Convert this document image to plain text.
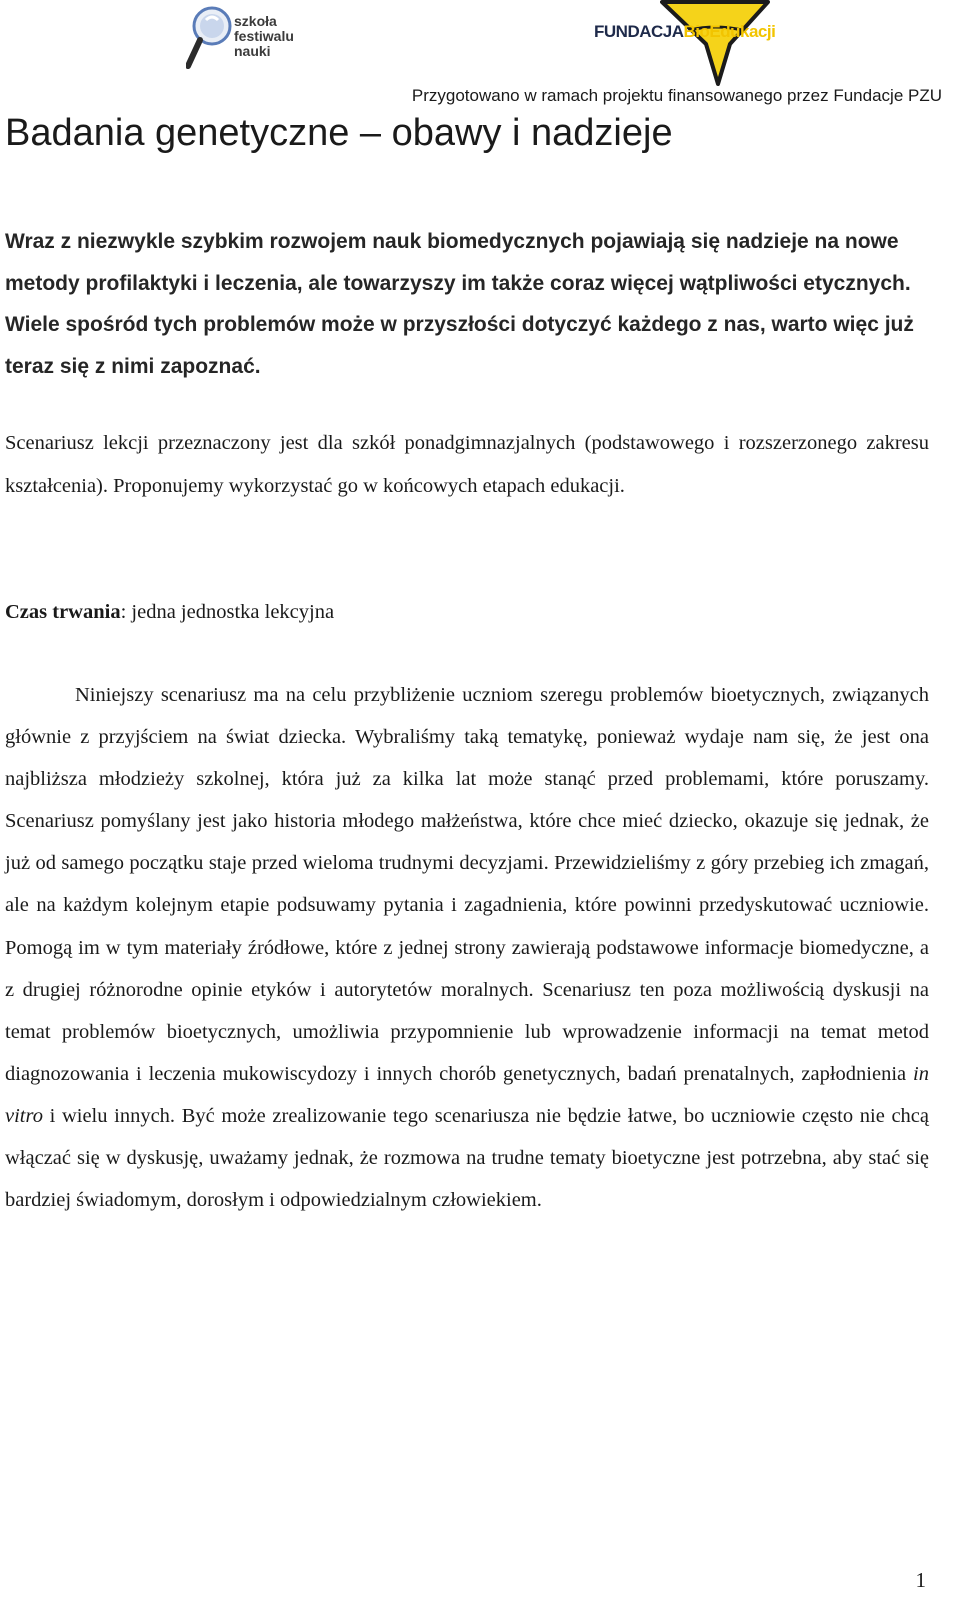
szkoła
festiwalu
nauki
FUNDACJABioEdukacji
Przygotowano w ramach projektu finansowanego przez Fundacje PZU
Badania genetyczne – obawy i nadzieje

Wraz z niezwykle szybkim rozwojem nauk biomedycznych pojawiają się nadzieje na nowe metody profilaktyki i leczenia, ale towarzyszy im także coraz więcej wątpliwości etycznych. Wiele spośród tych problemów może w przyszłości dotyczyć każdego z nas, warto więc już teraz się z nimi zapoznać.

Scenariusz lekcji przeznaczony jest dla szkół ponadgimnazjalnych (podstawowego i rozszerzonego zakresu kształcenia). Proponujemy wykorzystać go w końcowych etapach edukacji.

Czas trwania: jedna jednostka lekcyjna

Niniejszy scenariusz ma na celu przybliżenie uczniom szeregu problemów bioetycznych, związanych głównie z przyjściem na świat dziecka. Wybraliśmy taką tematykę, ponieważ wydaje nam się, że jest ona najbliższa młodzieży szkolnej, która już za kilka lat może stanąć przed problemami, które poruszamy. Scenariusz pomyślany jest jako historia młodego małżeństwa, które chce mieć dziecko, okazuje się jednak, że już od samego początku staje przed wieloma trudnymi decyzjami. Przewidzieliśmy z góry przebieg ich zmagań, ale na każdym kolejnym etapie podsuwamy pytania i zagadnienia, które powinni przedyskutować uczniowie. Pomogą im w tym materiały źródłowe, które z jednej strony zawierają podstawowe informacje biomedyczne, a z drugiej różnorodne opinie etyków i autorytetów moralnych. Scenariusz ten poza możliwością dyskusji na temat problemów bioetycznych, umożliwia przypomnienie lub wprowadzenie informacji na temat metod diagnozowania i leczenia mukowiscydozy i innych chorób genetycznych, badań prenatalnych, zapłodnienia in vitro i wielu innych. Być może zrealizowanie tego scenariusza nie będzie łatwe, bo uczniowie często nie chcą włączać się w dyskusję, uważamy jednak, że rozmowa na trudne tematy bioetyczne jest potrzebna, aby stać się bardziej świadomym, dorosłym i odpowiedzialnym człowiekiem.

1
